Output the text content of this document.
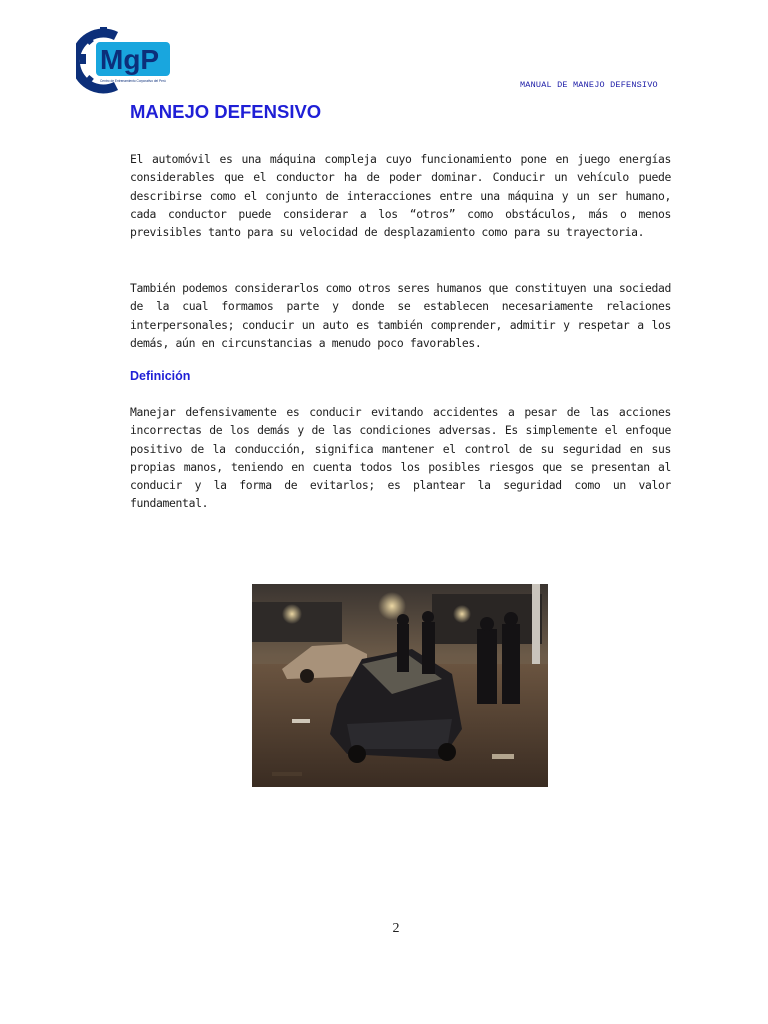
MgP
Centro de Entrenamiento Corporativo del Perú	MANUAL DE MANEJO DEFENSIVO
MANEJO DEFENSIVO

El automóvil es una máquina compleja cuyo funcionamiento pone en juego energías considerables que el conductor ha de poder dominar. Conducir un vehículo puede describirse como el conjunto de interacciones entre una máquina y un ser humano, cada conductor puede considerar a los “otros” como obstáculos, más o menos previsibles tanto para su velocidad de desplazamiento como para su trayectoria.

También podemos considerarlos como otros seres humanos que constituyen una sociedad de la cual formamos parte y donde se establecen necesariamente relaciones interpersonales; conducir un auto es también comprender, admitir y respetar a los demás, aún en circunstancias a menudo poco favorables.

Definición

Manejar defensivamente es conducir evitando accidentes a pesar de las acciones incorrectas de los demás y de las condiciones adversas. Es simplemente el enfoque positivo de la conducción, significa mantener el control de su seguridad en sus propias manos, teniendo en cuenta todos los posibles riesgos que se presentan al conducir y la forma de evitarlos; es plantear la seguridad como un valor fundamental.

2
